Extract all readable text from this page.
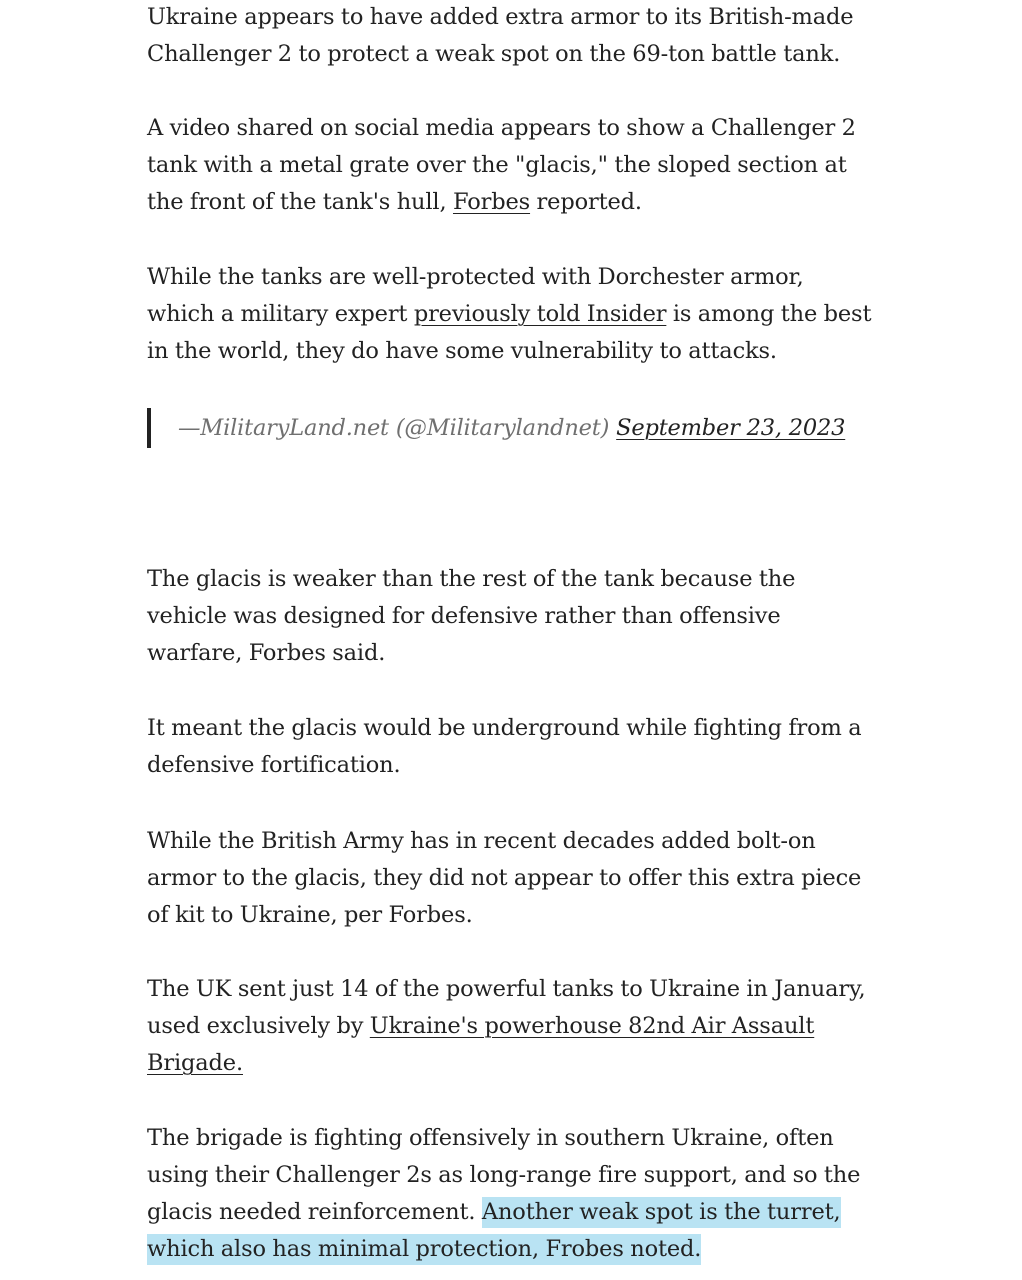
Ukraine appears to have added extra armor to its British-made Challenger 2 to protect a weak spot on the 69-ton battle tank.

A video shared on social media appears to show a Challenger 2 tank with a metal grate over the "glacis," the sloped section at the front of the tank's hull, Forbes reported.

While the tanks are well-protected with Dorchester armor, which a military expert previously told Insider is among the best in the world, they do have some vulnerability to attacks.

—MilitaryLand.net (@Militarylandnet) September 23, 2023

The glacis is weaker than the rest of the tank because the vehicle was designed for defensive rather than offensive warfare, Forbes said.

It meant the glacis would be underground while fighting from a defensive fortification.

While the British Army has in recent decades added bolt-on armor to the glacis, they did not appear to offer this extra piece of kit to Ukraine, per Forbes.

The UK sent just 14 of the powerful tanks to Ukraine in January, used exclusively by Ukraine's powerhouse 82nd Air Assault Brigade.

The brigade is fighting offensively in southern Ukraine, often using their Challenger 2s as long-range fire support, and so the glacis needed reinforcement. Another weak spot is the turret, which also has minimal protection, Frobes noted.
